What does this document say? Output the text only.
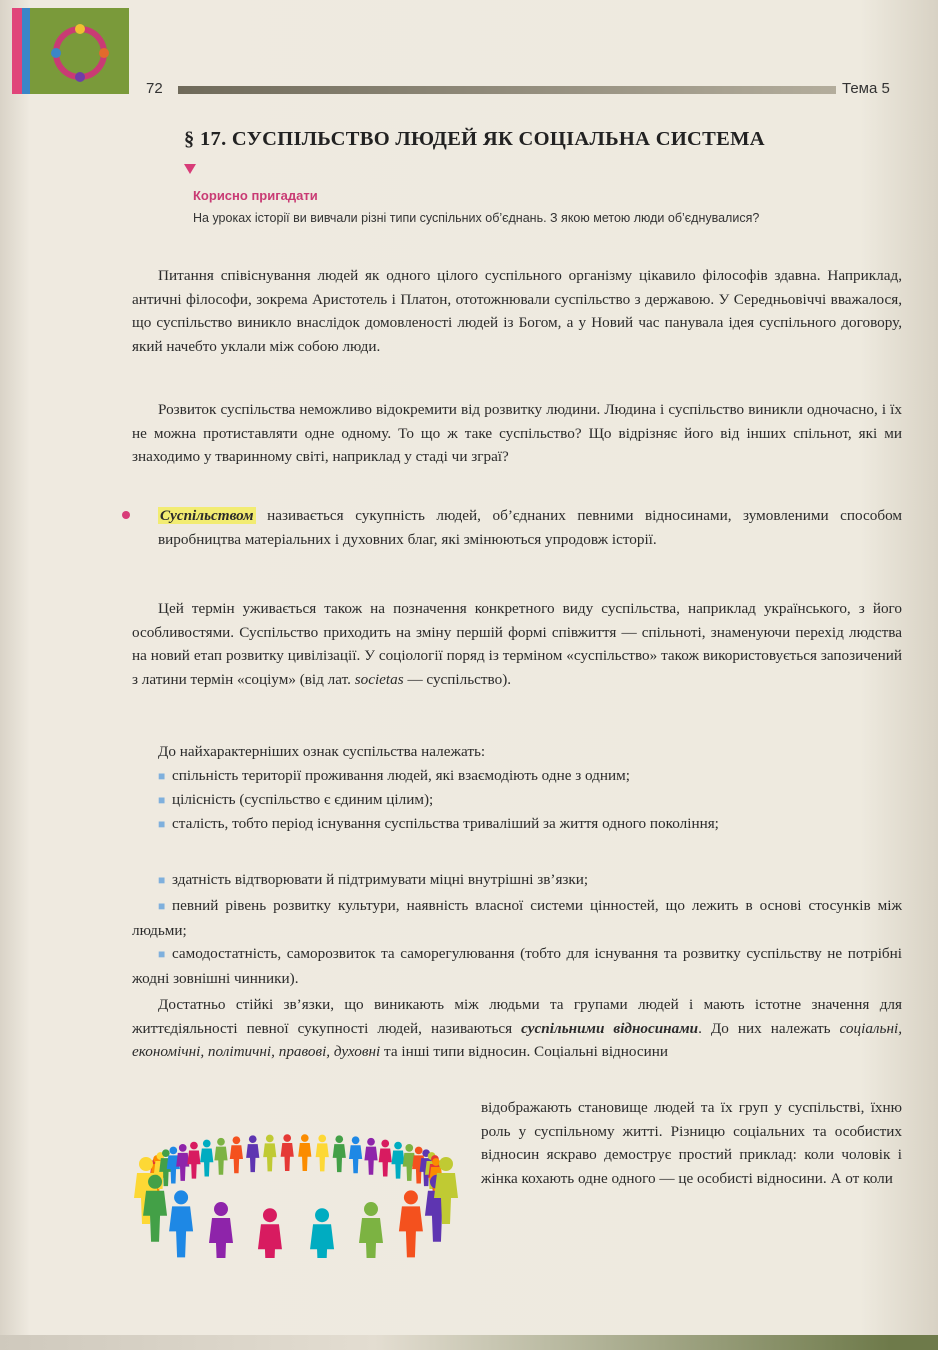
72	Тема 5
§ 17. СУСПІЛЬСТВО ЛЮДЕЙ ЯК СОЦІАЛЬНА СИСТЕМА
Корисно пригадати
На уроках історії ви вивчали різні типи суспільних об’єднань. З якою метою люди об’єднувалися?
Питання співіснування людей як одного цілого суспільного організму цікавило філософів здавна. Наприклад, античні філософи, зокрема Аристотель і Платон, ототожнювали суспільство з державою. У Середньовіччі вважалося, що суспільство виникло внаслідок домовленості людей із Богом, а у Новий час панувала ідея суспільного договору, який начебто уклали між собою люди.
Розвиток суспільства неможливо відокремити від розвитку людини. Людина і суспільство виникли одночасно, і їх не можна протиставляти одне одному. То що ж таке суспільство? Що відрізняє його від інших спільнот, які ми знаходимо у тваринному світі, наприклад у стаді чи зграї?
Суспільством називається сукупність людей, об’єднаних певними відносинами, зумовленими способом виробництва матеріальних і духовних благ, які змінюються упродовж історії.
Цей термін уживається також на позначення конкретного виду суспільства, наприклад українського, з його особливостями. Суспільство приходить на зміну першій формі співжиття — спільноті, знаменуючи перехід людства на новий етап розвитку цивілізації. У соціології поряд із терміном «суспільство» також використовується запозичений з латини термін «соціум» (від лат. societas — суспільство).
До найхарактерніших ознак суспільства належать:
■ спільність території проживання людей, які взаємодіють одне з одним;
■ цілісність (суспільство є єдиним цілим);
■ сталість, тобто період існування суспільства триваліший за життя одного покоління;
■ здатність відтворювати й підтримувати міцні внутрішні зв’язки;
■ певний рівень розвитку культури, наявність власної системи цінностей, що лежить в основі стосунків між людьми;
■ самодостатність, саморозвиток та саморегулювання (тобто для існування та розвитку суспільству не потрібні жодні зовнішні чинники).
Достатньо стійкі зв’язки, що виникають між людьми та групами людей і мають істотне значення для життєдіяльності певної сукупності людей, називаються суспільними відносинами. До них належать соціальні, економічні, політичні, правові, духовні та інші типи відносин. Соціальні відносини
відображають становище людей та їх груп у суспільстві, їхню роль у суспільному житті. Різницю соціальних та особистих відносин яскраво демострує простий приклад: коли чоловік і жінка кохають одне одного — це особисті відносини. А от коли
